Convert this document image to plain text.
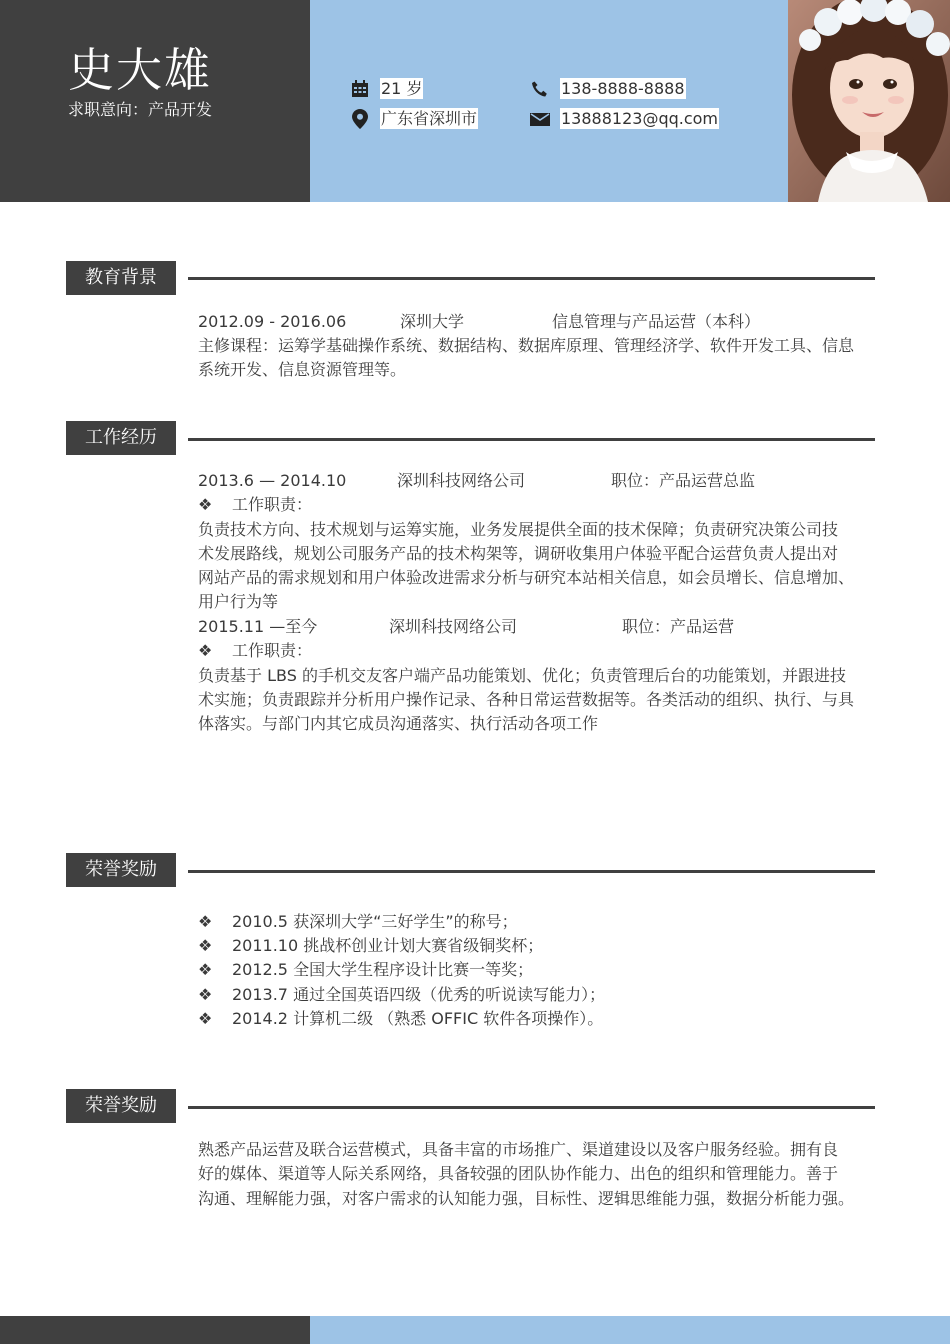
史大雄
求职意向：产品开发
21 岁
广东省深圳市
138-8888-8888
13888123@qq.com
教育背景
2012.09 - 2016.06	深圳大学	信息管理与产品运营（本科）
主修课程：运筹学基础操作系统、数据结构、数据库原理、管理经济学、软件开发工具、信息
系统开发、信息资源管理等。
工作经历
2013.6 — 2014.10	深圳科技网络公司	职位：产品运营总监
❖ 工作职责：
负责技术方向、技术规划与运筹实施，业务发展提供全面的技术保障；负责研究决策公司技
术发展路线，规划公司服务产品的技术构架等，调研收集用户体验平配合运营负责人提出对
网站产品的需求规划和用户体验改进需求分析与研究本站相关信息，如会员增长、信息增加、
用户行为等
2015.11 —至今	深圳科技网络公司	职位：产品运营
❖ 工作职责：
负责基于 LBS 的手机交友客户端产品功能策划、优化；负责管理后台的功能策划，并跟进技
术实施；负责跟踪并分析用户操作记录、各种日常运营数据等。各类活动的组织、执行、与具
体落实。与部门内其它成员沟通落实、执行活动各项工作
荣誉奖励
❖ 2010.5 获深圳大学“三好学生”的称号；
❖ 2011.10 挑战杯创业计划大赛省级铜奖杯；
❖ 2012.5 全国大学生程序设计比赛一等奖；
❖ 2013.7 通过全国英语四级（优秀的听说读写能力）；
❖ 2014.2 计算机二级 （熟悉 OFFIC 软件各项操作）。
荣誉奖励
熟悉产品运营及联合运营模式，具备丰富的市场推广、渠道建设以及客户服务经验。拥有良
好的媒体、渠道等人际关系网络，具备较强的团队协作能力、出色的组织和管理能力。善于
沟通、理解能力强，对客户需求的认知能力强，目标性、逻辑思维能力强，数据分析能力强。
